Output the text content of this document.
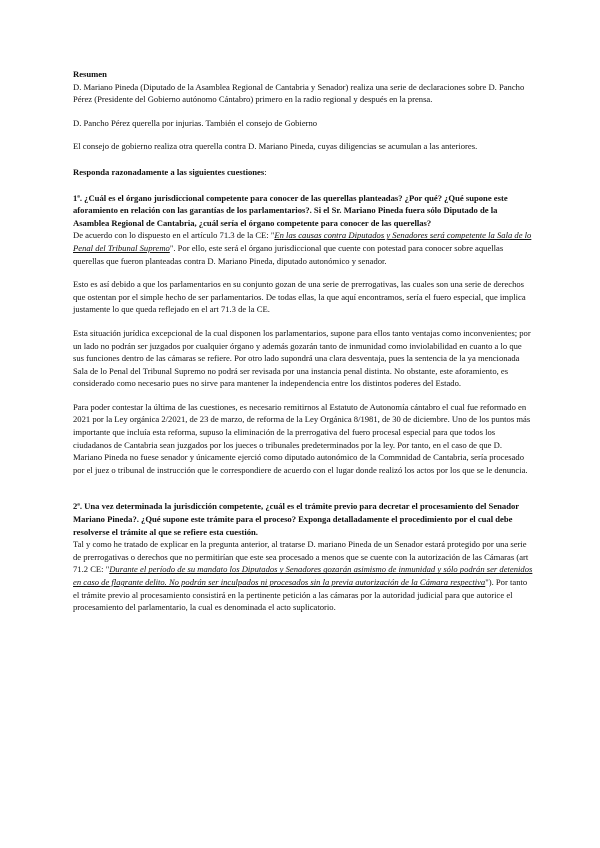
Resumen

D. Mariano Pineda (Diputado de la Asamblea Regional de Cantabria y Senador) realiza una serie de declaraciones sobre D. Pancho Pérez (Presidente del Gobierno autónomo Cántabro) primero en la radio regional y después en la prensa.

D. Pancho Pérez querella por injurias. También el consejo de Gobierno

El consejo de gobierno realiza otra querella contra D. Mariano Pineda, cuyas diligencias se acumulan a las anteriores.

Responda razonadamente a las siguientes cuestiones:

1ª. ¿Cuál es el órgano jurisdiccional competente para conocer de las querellas planteadas? ¿Por qué? ¿Qué supone este aforamiento en relación con las garantías de los parlamentarios?. Si el Sr. Mariano Pineda fuera sólo Diputado de la Asamblea Regional de Cantabria, ¿cuál sería el órgano competente para conocer de las querellas?

De acuerdo con lo dispuesto en el artículo 71.3 de la CE: "En las causas contra Diputados y Senadores será competente la Sala de lo Penal del Tribunal Supremo". Por ello, este será el órgano jurisdiccional que cuente con potestad para conocer sobre aquellas querellas que fueron planteadas contra D. Mariano Pineda, diputado autonómico y senador.

Esto es así debido a que los parlamentarios en su conjunto gozan de una serie de prerrogativas, las cuales son una serie de derechos que ostentan por el simple hecho de ser parlamentarios. De todas ellas, la que aquí encontramos, sería el fuero especial, que implica justamente lo que queda reflejado en el art 71.3 de la CE.

Esta situación jurídica excepcional de la cual disponen los parlamentarios, supone para ellos tanto ventajas como inconvenientes; por un lado no podrán ser juzgados por cualquier órgano y además gozarán tanto de inmunidad como inviolabilidad en cuanto a lo que sus funciones dentro de las cámaras se refiere. Por otro lado supondrá una clara desventaja, pues la sentencia de la ya mencionada Sala de lo Penal del Tribunal Supremo no podrá ser revisada por una instancia penal distinta. No obstante, este aforamiento, es considerado como necesario pues no sirve para mantener la independencia entre los distintos poderes del Estado.

Para poder contestar la última de las cuestiones, es necesario remitirnos al Estatuto de Autonomía cántabro el cual fue reformado en 2021 por la Ley orgánica 2/2021, de 23 de marzo, de reforma de la Ley Orgánica 8/1981, de 30 de diciembre. Uno de los puntos más importante que incluía esta reforma, supuso la eliminación de la prerrogativa del fuero procesal especial para que todos los ciudadanos de Cantabria sean juzgados por los jueces o tribunales predeterminados por la ley. Por tanto, en el caso de que D. Mariano Pineda no fuese senador y únicamente ejerció como diputado autonómico de la Commnidad de Cantabria, sería procesado por el juez o tribunal de instrucción que le correspondiere de acuerdo con el lugar donde realizó los actos por los que se le denuncia.

2ª. Una vez determinada la jurisdicción competente, ¿cuál es el trámite previo para decretar el procesamiento del Senador Mariano Pineda?. ¿Qué supone este trámite para el proceso? Exponga detalladamente el procedimiento por el cual debe resolverse el trámite al que se refiere esta cuestión.

Tal y como he tratado de explicar en la pregunta anterior, al tratarse D. mariano Pineda de un Senador estará protegido por una serie de prerrogativas o derechos que no permitirían que este sea procesado a menos que se cuente con la autorización de las Cámaras (art 71.2 CE: "Durante el período de su mandato los Diputados y Senadores gozarán asimismo de inmunidad y sólo podrán ser detenidos en caso de flagrante delito. No podrán ser inculpados ni procesados sin la previa autorización de la Cámara respectiva"). Por tanto el trámite previo al procesamiento consistirá en la pertinente petición a las cámaras por la autoridad judicial para que autorice el procesamiento del parlamentario, la cual es denominada el acto suplicatorio.
